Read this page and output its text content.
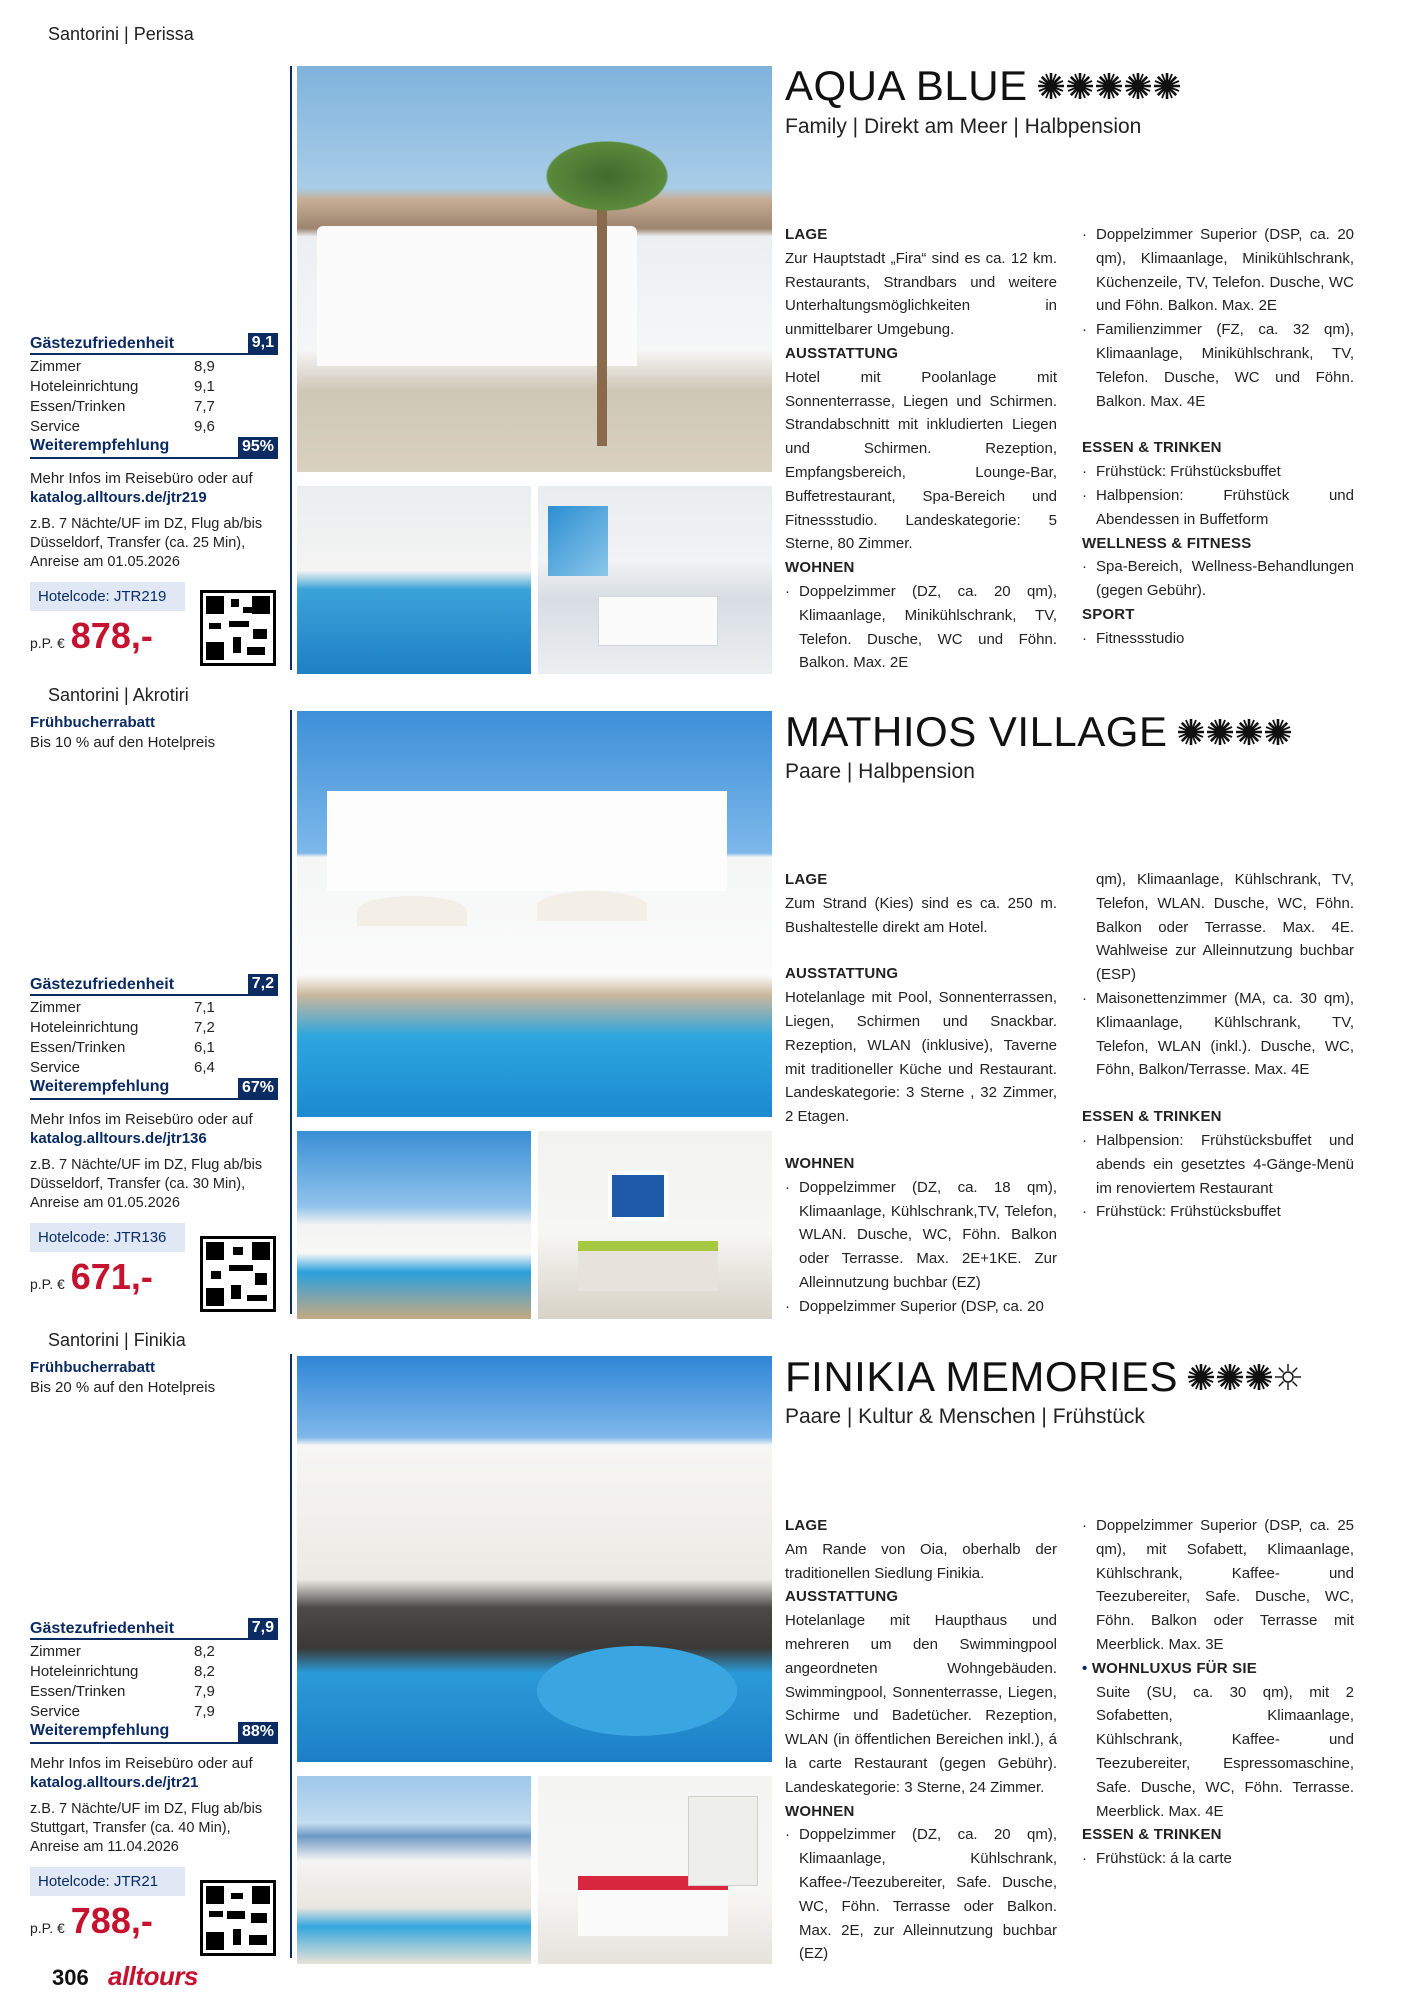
Santorini | Perissa
Gästezufriedenheit	9,1
Zimmer	8,9
Hoteleinrichtung	9,1
Essen/Trinken	7,7
Service	9,6
Weiterempfehlung	95%
Mehr Infos im Reisebüro oder auf
katalog.alltours.de/jtr219
z.B. 7 Nächte/UF im DZ, Flug ab/bis Düsseldorf, Transfer (ca. 25 Min), Anreise am 01.05.2026
Hotelcode: JTR219
p.P. € 878,-
AQUA BLUE
Family | Direkt am Meer | Halbpension
LAGE
Zur Hauptstadt „Fira“ sind es ca. 12 km. Restaurants, Strandbars und weitere Unterhaltungsmöglichkeiten in unmittelbarer Umgebung.
AUSSTATTUNG
Hotel mit Poolanlage mit Sonnenterrasse, Liegen und Schirmen. Strandabschnitt mit inkludierten Liegen und Schirmen. Rezeption, Empfangsbereich, Lounge-Bar, Buffetrestaurant, Spa-Bereich und Fitnessstudio. Landeskategorie: 5 Sterne, 80 Zimmer.
WOHNEN
· Doppelzimmer (DZ, ca. 20 qm), Klimaanlage, Minikühlschrank, TV, Telefon. Dusche, WC und Föhn. Balkon. Max. 2E
· Doppelzimmer Superior (DSP, ca. 20 qm), Klimaanlage, Minikühlschrank, Küchenzeile, TV, Telefon. Dusche, WC und Föhn. Balkon. Max. 2E
· Familienzimmer (FZ, ca. 32 qm), Klimaanlage, Minikühlschrank, TV, Telefon. Dusche, WC und Föhn. Balkon. Max. 4E
ESSEN & TRINKEN
· Frühstück: Frühstücksbuffet
· Halbpension: Frühstück und Abendessen in Buffetform
WELLNESS & FITNESS
· Spa-Bereich, Wellness-Behandlungen (gegen Gebühr).
SPORT
· Fitnessstudio
Santorini | Akrotiri
Frühbucherrabatt
Bis 10 % auf den Hotelpreis
Gästezufriedenheit	7,2
Zimmer	7,1
Hoteleinrichtung	7,2
Essen/Trinken	6,1
Service	6,4
Weiterempfehlung	67%
Mehr Infos im Reisebüro oder auf
katalog.alltours.de/jtr136
z.B. 7 Nächte/UF im DZ, Flug ab/bis Düsseldorf, Transfer (ca. 30 Min), Anreise am 01.05.2026
Hotelcode: JTR136
p.P. € 671,-
MATHIOS VILLAGE
Paare | Halbpension
LAGE
Zum Strand (Kies) sind es ca. 250 m. Bushaltestelle direkt am Hotel.
AUSSTATTUNG
Hotelanlage mit Pool, Sonnenterrassen, Liegen, Schirmen und Snackbar. Rezeption, WLAN (inklusive), Taverne mit traditioneller Küche und Restaurant. Landeskategorie: 3 Sterne , 32 Zimmer, 2 Etagen.
WOHNEN
· Doppelzimmer (DZ, ca. 18 qm), Klimaanlage, Kühlschrank,TV, Telefon, WLAN. Dusche, WC, Föhn. Balkon oder Terrasse. Max. 2E+1KE. Zur Alleinnutzung buchbar (EZ)
· Doppelzimmer Superior (DSP, ca. 20
qm), Klimaanlage, Kühlschrank, TV, Telefon, WLAN. Dusche, WC, Föhn. Balkon oder Terrasse. Max. 4E. Wahlweise zur Alleinnutzung buchbar (ESP)
· Maisonettenzimmer (MA, ca. 30 qm), Klimaanlage, Kühlschrank, TV, Telefon, WLAN (inkl.). Dusche, WC, Föhn, Balkon/Terrasse. Max. 4E
ESSEN & TRINKEN
· Halbpension: Frühstücksbuffet und abends ein gesetztes 4-Gänge-Menü im renoviertem Restaurant
· Frühstück: Frühstücksbuffet
Santorini | Finikia
Frühbucherrabatt
Bis 20 % auf den Hotelpreis
Gästezufriedenheit	7,9
Zimmer	8,2
Hoteleinrichtung	8,2
Essen/Trinken	7,9
Service	7,9
Weiterempfehlung	88%
Mehr Infos im Reisebüro oder auf
katalog.alltours.de/jtr21
z.B. 7 Nächte/UF im DZ, Flug ab/bis Stuttgart, Transfer (ca. 40 Min), Anreise am 11.04.2026
Hotelcode: JTR21
p.P. € 788,-
FINIKIA MEMORIES
Paare | Kultur & Menschen | Frühstück
LAGE
Am Rande von Oia, oberhalb der traditionellen Siedlung Finikia.
AUSSTATTUNG
Hotelanlage mit Haupthaus und mehreren um den Swimmingpool angeordneten Wohngebäuden. Swimmingpool, Sonnenterrasse, Liegen, Schirme und Badetücher. Rezeption, WLAN (in öffentlichen Bereichen inkl.), á la carte Restaurant (gegen Gebühr). Landeskategorie: 3 Sterne, 24 Zimmer.
WOHNEN
· Doppelzimmer (DZ, ca. 20 qm), Klimaanlage, Kühlschrank, Kaffee-/Teezubereiter, Safe. Dusche, WC, Föhn. Terrasse oder Balkon. Max. 2E, zur Alleinnutzung buchbar (EZ)
· Doppelzimmer Superior (DSP, ca. 25 qm), mit Sofabett, Klimaanlage, Kühlschrank, Kaffee- und Teezubereiter, Safe. Dusche, WC, Föhn. Balkon oder Terrasse mit Meerblick. Max. 3E
• WOHNLUXUS FÜR SIE
Suite (SU, ca. 30 qm), mit 2 Sofabetten, Klimaanlage, Kühlschrank, Kaffee- und Teezubereiter, Espressomaschine, Safe. Dusche, WC, Föhn. Terrasse. Meerblick. Max. 4E
ESSEN & TRINKEN
· Frühstück: á la carte
306 alltours
